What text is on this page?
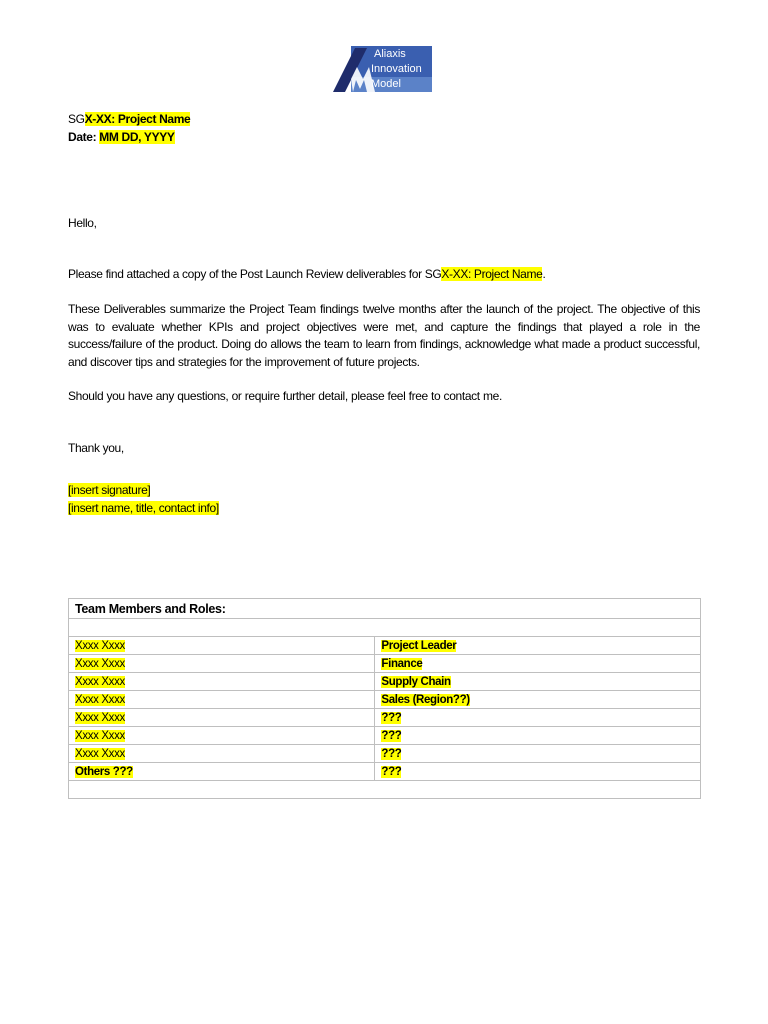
Aliaxis
Innovation
Model
SGX-XX: Project Name
Date: MM DD, YYYY
Hello,
Please find attached a copy of the Post Launch Review deliverables for SGX-XX: Project Name.
These Deliverables summarize the Project Team findings twelve months after the launch of the project. The objective of this was to evaluate whether KPIs and project objectives were met, and capture the findings that played a role in the success/failure of the product. Doing do allows the team to learn from findings, acknowledge what made a product successful, and discover tips and strategies for the improvement of future projects.
Should you have any questions, or require further detail, please feel free to contact me.
Thank you,
[insert signature]
[insert name, title, contact info]
Team Members and Roles:	

Xxxx Xxxx	Project Leader
Xxxx Xxxx	Finance
Xxxx Xxxx	Supply Chain
Xxxx Xxxx	Sales (Region??)
Xxxx Xxxx	???
Xxxx Xxxx	???
Xxxx Xxxx	???
Others ???	???
